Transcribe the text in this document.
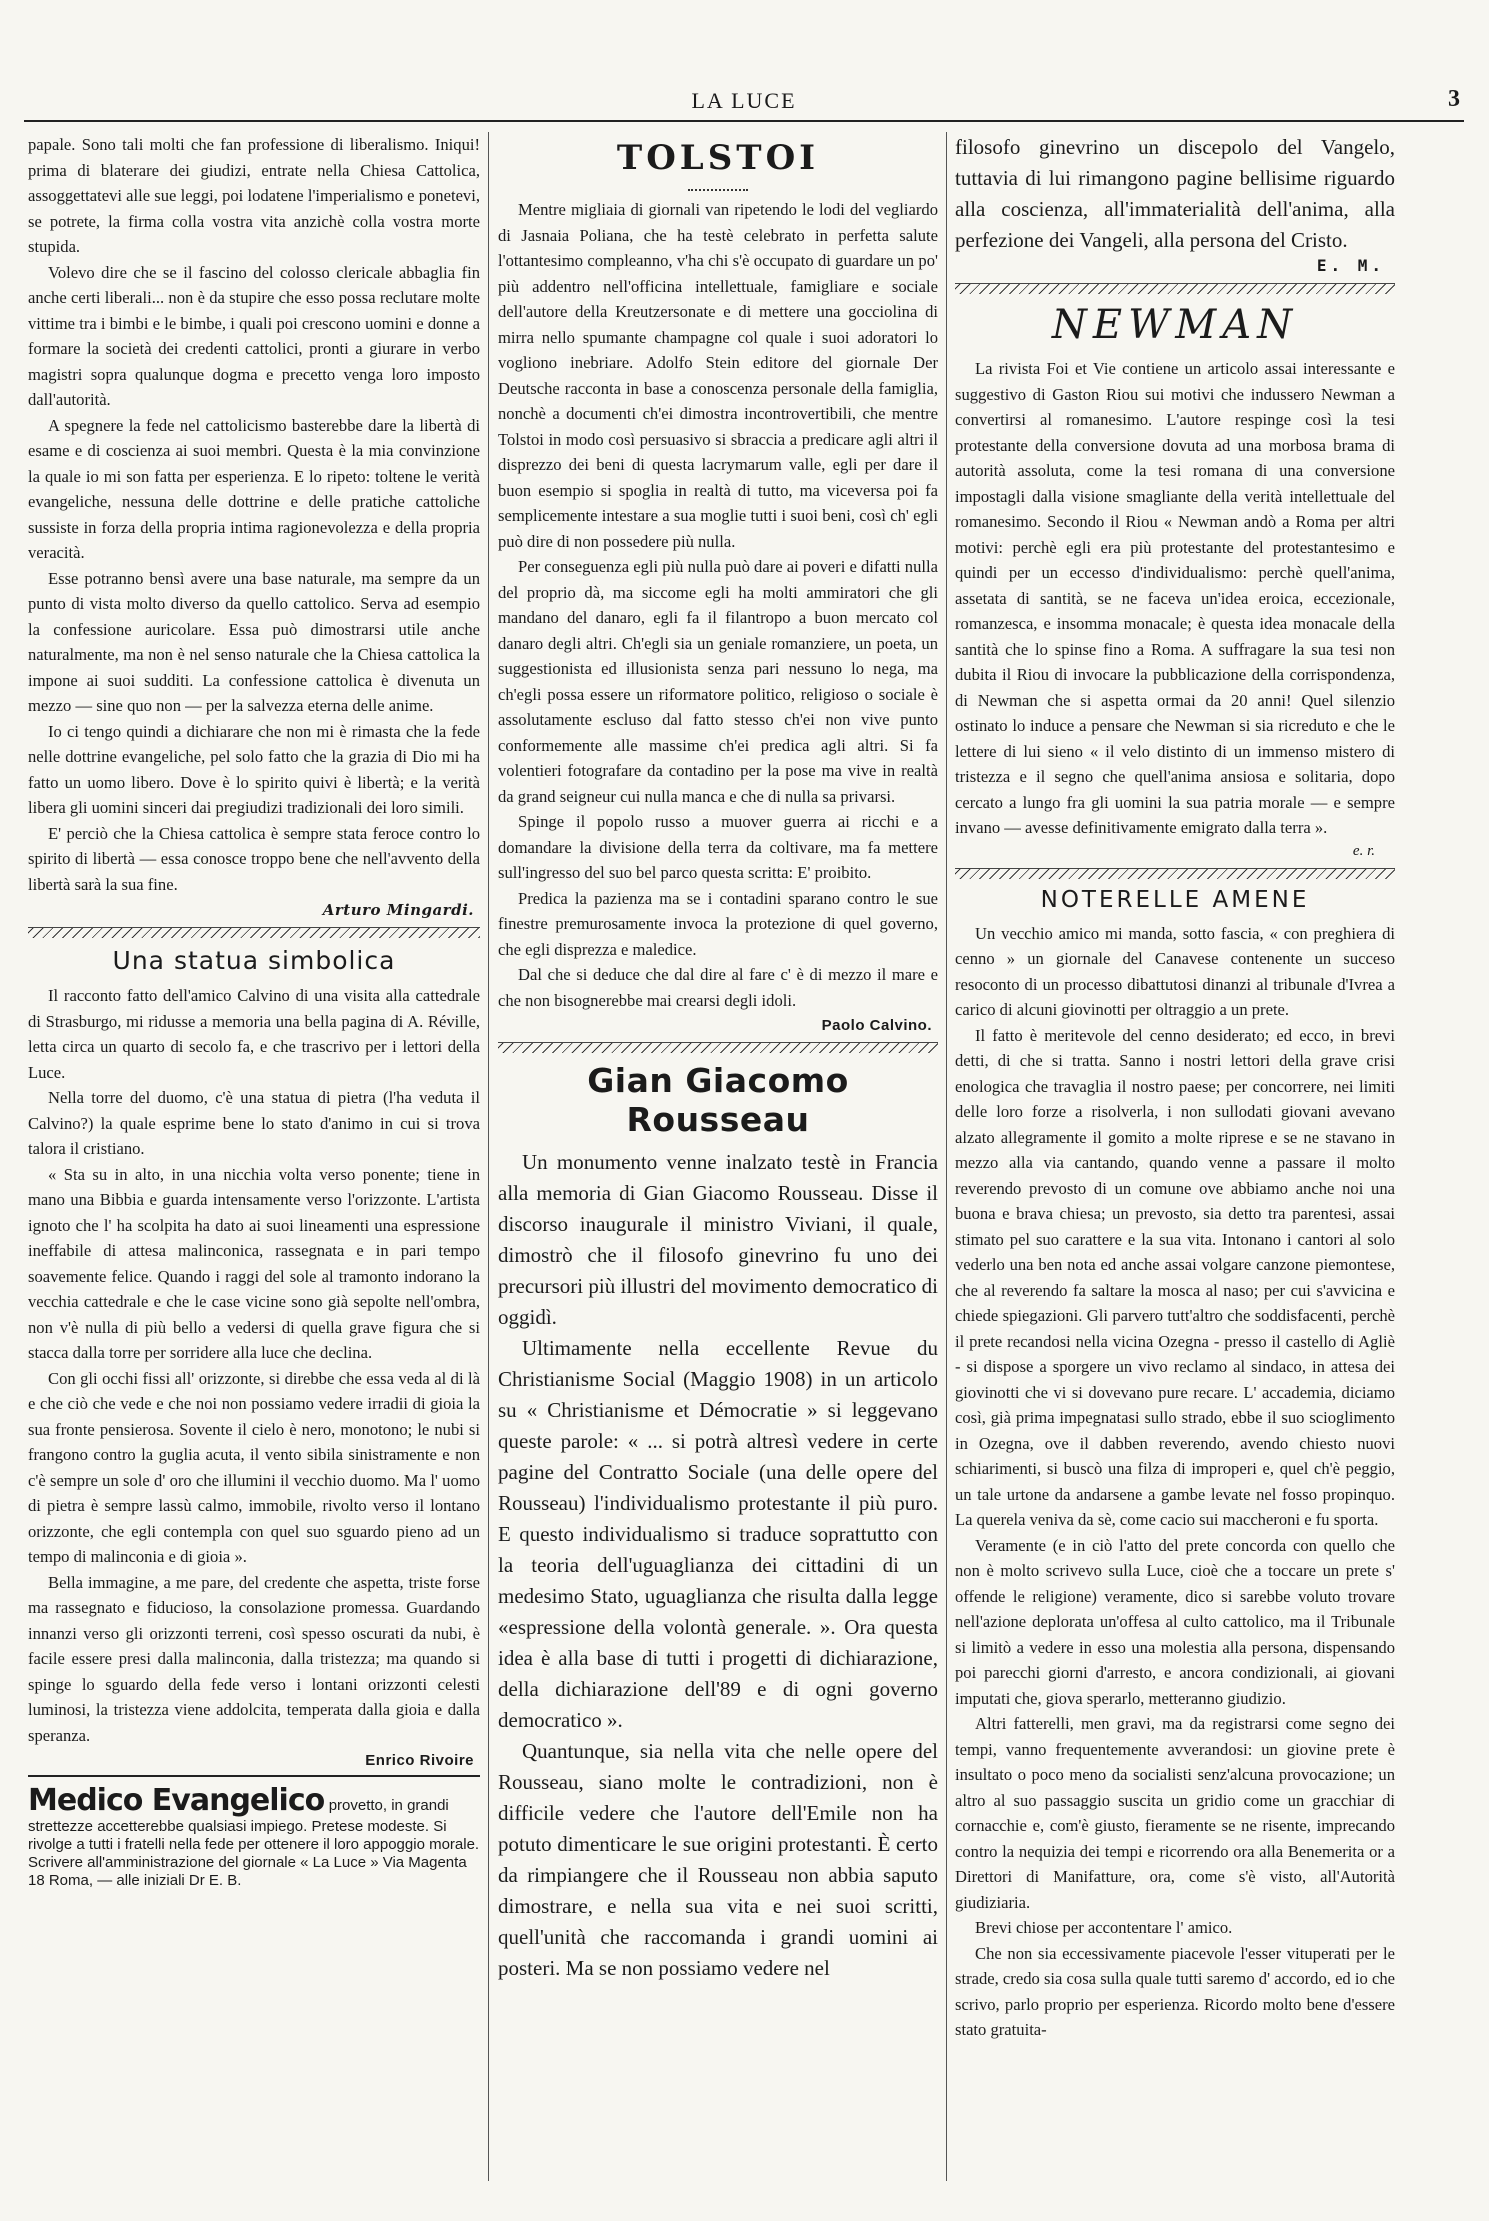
LA LUCE	3

papale. Sono tali molti che fan professione di liberalismo. Iniqui! prima di blaterare dei giudizi, entrate nella Chiesa Cattolica, assoggettatevi alle sue leggi, poi lodatene l'imperialismo e ponetevi, se potrete, la firma colla vostra vita anzichè colla vostra morte stupida.

Volevo dire che se il fascino del colosso clericale abbaglia fin anche certi liberali... non è da stupire che esso possa reclutare molte vittime tra i bimbi e le bimbe, i quali poi crescono uomini e donne a formare la società dei credenti cattolici, pronti a giurare in verbo magistri sopra qualunque dogma e precetto venga loro imposto dall'autorità.

A spegnere la fede nel cattolicismo basterebbe dare la libertà di esame e di coscienza ai suoi membri. Questa è la mia convinzione la quale io mi son fatta per esperienza. E lo ripeto: toltene le verità evangeliche, nessuna delle dottrine e delle pratiche cattoliche sussiste in forza della propria intima ragionevolezza e della propria veracità.

Esse potranno bensì avere una base naturale, ma sempre da un punto di vista molto diverso da quello cattolico. Serva ad esempio la confessione auricolare. Essa può dimostrarsi utile anche naturalmente, ma non è nel senso naturale che la Chiesa cattolica la impone ai suoi sudditi. La confessione cattolica è divenuta un mezzo — sine quo non — per la salvezza eterna delle anime.

Io ci tengo quindi a dichiarare che non mi è rimasta che la fede nelle dottrine evangeliche, pel solo fatto che la grazia di Dio mi ha fatto un uomo libero. Dove è lo spirito quivi è libertà; e la verità libera gli uomini sinceri dai pregiudizi tradizionali dei loro simili.

E' perciò che la Chiesa cattolica è sempre stata feroce contro lo spirito di libertà — essa conosce troppo bene che nell'avvento della libertà sarà la sua fine.

Arturo Mingardi.
Una statua simbolica

Il racconto fatto dell'amico Calvino di una visita alla cattedrale di Strasburgo, mi ridusse a memoria una bella pagina di A. Réville, letta circa un quarto di secolo fa, e che trascrivo per i lettori della Luce.

Nella torre del duomo, c'è una statua di pietra (l'ha veduta il Calvino?) la quale esprime bene lo stato d'animo in cui si trova talora il cristiano.

« Sta su in alto, in una nicchia volta verso ponente; tiene in mano una Bibbia e guarda intensamente verso l'orizzonte. L'artista ignoto che l' ha scolpita ha dato ai suoi lineamenti una espressione ineffabile di attesa malinconica, rassegnata e in pari tempo soavemente felice. Quando i raggi del sole al tramonto indorano la vecchia cattedrale e che le case vicine sono già sepolte nell'ombra, non v'è nulla di più bello a vedersi di quella grave figura che si stacca dalla torre per sorridere alla luce che declina.

Con gli occhi fissi all' orizzonte, si direbbe che essa veda al di là e che ciò che vede e che noi non possiamo vedere irradii di gioia la sua fronte pensierosa. Sovente il cielo è nero, monotono; le nubi si frangono contro la guglia acuta, il vento sibila sinistramente e non c'è sempre un sole d' oro che illumini il vecchio duomo. Ma l' uomo di pietra è sempre lassù calmo, immobile, rivolto verso il lontano orizzonte, che egli contempla con quel suo sguardo pieno ad un tempo di malinconia e di gioia ».

Bella immagine, a me pare, del credente che aspetta, triste forse ma rassegnato e fiducioso, la consolazione promessa. Guardando innanzi verso gli orizzonti terreni, così spesso oscurati da nubi, è facile essere presi dalla malinconia, dalla tristezza; ma quando si spinge lo sguardo della fede verso i lontani orizzonti celesti luminosi, la tristezza viene addolcita, temperata dalla gioia e dalla speranza.

Enrico Rivoire
Medico Evangelico provetto, in grandi strettezze accetterebbe qualsiasi impiego. Pretese modeste. Si rivolge a tutti i fratelli nella fede per ottenere il loro appoggio morale. Scrivere all'amministrazione del giornale « La Luce » Via Magenta 18 Roma, — alle iniziali Dr E. B.
TOLSTOI

Mentre migliaia di giornali van ripetendo le lodi del vegliardo di Jasnaia Poliana, che ha testè celebrato in perfetta salute l'ottantesimo compleanno, v'ha chi s'è occupato di guardare un po' più addentro nell'officina intellettuale, famigliare e sociale dell'autore della Kreutzersonate e di mettere una gocciolina di mirra nello spumante champagne col quale i suoi adoratori lo vogliono inebriare. Adolfo Stein editore del giornale Der Deutsche racconta in base a conoscenza personale della famiglia, nonchè a documenti ch'ei dimostra incontrovertibili, che mentre Tolstoi in modo così persuasivo si sbraccia a predicare agli altri il disprezzo dei beni di questa lacrymarum valle, egli per dare il buon esempio si spoglia in realtà di tutto, ma viceversa poi fa semplicemente intestare a sua moglie tutti i suoi beni, così ch' egli può dire di non possedere più nulla.

Per conseguenza egli più nulla può dare ai poveri e difatti nulla del proprio dà, ma siccome egli ha molti ammiratori che gli mandano del danaro, egli fa il filantropo a buon mercato col danaro degli altri. Ch'egli sia un geniale romanziere, un poeta, un suggestionista ed illusionista senza pari nessuno lo nega, ma ch'egli possa essere un riformatore politico, religioso o sociale è assolutamente escluso dal fatto stesso ch'ei non vive punto conformemente alle massime ch'ei predica agli altri. Si fa volentieri fotografare da contadino per la pose ma vive in realtà da grand seigneur cui nulla manca e che di nulla sa privarsi.

Spinge il popolo russo a muover guerra ai ricchi e a domandare la divisione della terra da coltivare, ma fa mettere sull'ingresso del suo bel parco questa scritta: E' proibito.

Predica la pazienza ma se i contadini sparano contro le sue finestre premurosamente invoca la protezione di quel governo, che egli disprezza e maledice.

Dal che si deduce che dal dire al fare c' è di mezzo il mare e che non bisognerebbe mai crearsi degli idoli.

Paolo Calvino.
Gian Giacomo Rousseau

Un monumento venne inalzato testè in Francia alla memoria di Gian Giacomo Rousseau. Disse il discorso inaugurale il ministro Viviani, il quale, dimostrò che il filosofo ginevrino fu uno dei precursori più illustri del movimento democratico di oggidì.

Ultimamente nella eccellente Revue du Christianisme Social (Maggio 1908) in un articolo su « Christianisme et Démocratie » si leggevano queste parole: « ... si potrà altresì vedere in certe pagine del Contratto Sociale (una delle opere del Rousseau) l'individualismo protestante il più puro. E questo individualismo si traduce soprattutto con la teoria dell'uguaglianza dei cittadini di un medesimo Stato, uguaglianza che risulta dalla legge «espressione della volontà generale. ». Ora questa idea è alla base di tutti i progetti di dichiarazione, della dichiarazione dell'89 e di ogni governo democratico ».

Quantunque, sia nella vita che nelle opere del Rousseau, siano molte le contradizioni, non è difficile vedere che l'autore dell'Emile non ha potuto dimenticare le sue origini protestanti. È certo da rimpiangere che il Rousseau non abbia saputo dimostrare, e nella sua vita e nei suoi scritti, quell'unità che raccomanda i grandi uomini ai posteri. Ma se non possiamo vedere nel

filosofo ginevrino un discepolo del Vangelo, tuttavia di lui rimangono pagine bellisime riguardo alla coscienza, all'immaterialità dell'anima, alla perfezione dei Vangeli, alla persona del Cristo.

E. M.
NEWMAN

La rivista Foi et Vie contiene un articolo assai interessante e suggestivo di Gaston Riou sui motivi che indussero Newman a convertirsi al romanesimo. L'autore respinge così la tesi protestante della conversione dovuta ad una morbosa brama di autorità assoluta, come la tesi romana di una conversione impostagli dalla visione smagliante della verità intellettuale del romanesimo. Secondo il Riou « Newman andò a Roma per altri motivi: perchè egli era più protestante del protestantesimo e quindi per un eccesso d'individualismo: perchè quell'anima, assetata di santità, se ne faceva un'idea eroica, eccezionale, romanzesca, e insomma monacale; è questa idea monacale della santità che lo spinse fino a Roma. A suffragare la sua tesi non dubita il Riou di invocare la pubblicazione della corrispondenza, di Newman che si aspetta ormai da 20 anni! Quel silenzio ostinato lo induce a pensare che Newman si sia ricreduto e che le lettere di lui sieno « il velo distinto di un immenso mistero di tristezza e il segno che quell'anima ansiosa e solitaria, dopo cercato a lungo fra gli uomini la sua patria morale — e sempre invano — avesse definitivamente emigrato dalla terra ».

e. r.
NOTERELLE AMENE

Un vecchio amico mi manda, sotto fascia, « con preghiera di cenno » un giornale del Canavese contenente un succeso resoconto di un processo dibattutosi dinanzi al tribunale d'Ivrea a carico di alcuni giovinotti per oltraggio a un prete.

Il fatto è meritevole del cenno desiderato; ed ecco, in brevi detti, di che si tratta. Sanno i nostri lettori della grave crisi enologica che travaglia il nostro paese; per concorrere, nei limiti delle loro forze a risolverla, i non sullodati giovani avevano alzato allegramente il gomito a molte riprese e se ne stavano in mezzo alla via cantando, quando venne a passare il molto reverendo prevosto di un comune ove abbiamo anche noi una buona e brava chiesa; un prevosto, sia detto tra parentesi, assai stimato pel suo carattere e la sua vita. Intonano i cantori al solo vederlo una ben nota ed anche assai volgare canzone piemontese, che al reverendo fa saltare la mosca al naso; per cui s'avvicina e chiede spiegazioni. Gli parvero tutt'altro che soddisfacenti, perchè il prete recandosi nella vicina Ozegna - presso il castello di Agliè - si dispose a sporgere un vivo reclamo al sindaco, in attesa dei giovinotti che vi si dovevano pure recare. L' accademia, diciamo così, già prima impegnatasi sullo strado, ebbe il suo scioglimento in Ozegna, ove il dabben reverendo, avendo chiesto nuovi schiarimenti, si buscò una filza di improperi e, quel ch'è peggio, un tale urtone da andarsene a gambe levate nel fosso propinquo. La querela veniva da sè, come cacio sui maccheroni e fu sporta.

Veramente (e in ciò l'atto del prete concorda con quello che non è molto scrivevo sulla Luce, cioè che a toccare un prete s' offende le religione) veramente, dico si sarebbe voluto trovare nell'azione deplorata un'offesa al culto cattolico, ma il Tribunale si limitò a vedere in esso una molestia alla persona, dispensando poi parecchi giorni d'arresto, e ancora condizionali, ai giovani imputati che, giova sperarlo, metteranno giudizio.

Altri fatterelli, men gravi, ma da registrarsi come segno dei tempi, vanno frequentemente avverandosi: un giovine prete è insultato o poco meno da socialisti senz'alcuna provocazione; un altro al suo passaggio suscita un gridio come un gracchiar di cornacchie e, com'è giusto, fieramente se ne risente, imprecando contro la nequizia dei tempi e ricorrendo ora alla Benemerita or a Direttori di Manifatture, ora, come s'è visto, all'Autorità giudiziaria.

Brevi chiose per accontentare l' amico.

Che non sia eccessivamente piacevole l'esser vituperati per le strade, credo sia cosa sulla quale tutti saremo d' accordo, ed io che scrivo, parlo proprio per esperienza. Ricordo molto bene d'essere stato gratuita-
